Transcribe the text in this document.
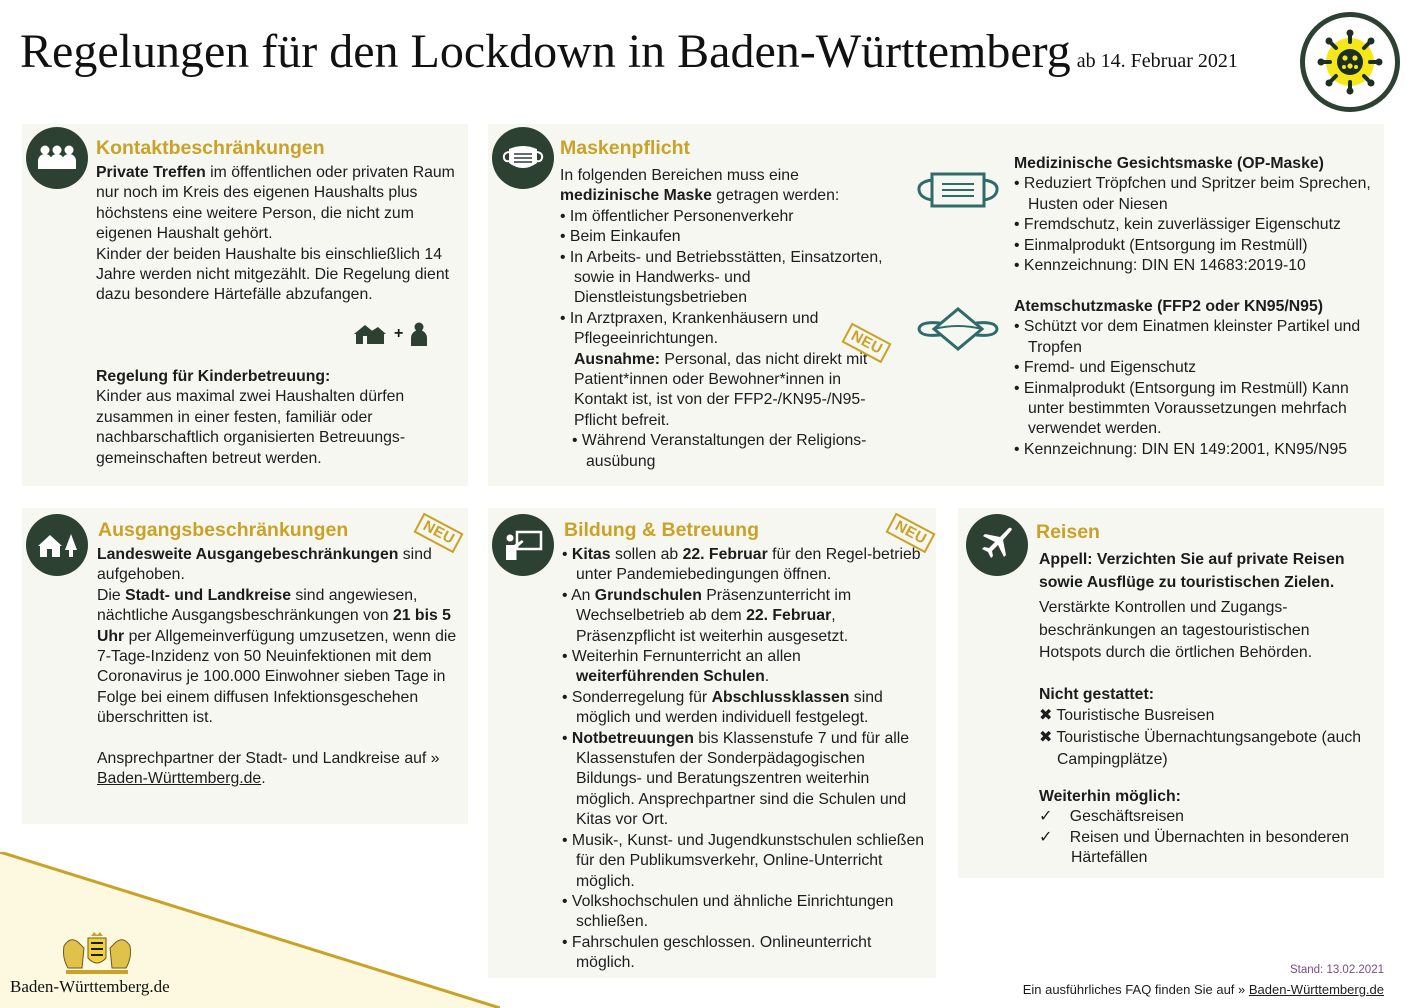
Regelungen für den Lockdown in Baden-Württemberg ab 14. Februar 2021
Kontaktbeschränkungen

Private Treffen im öffentlichen oder privaten Raum nur noch im Kreis des eigenen Haushalts plus höchstens eine weitere Person, die nicht zum eigenen Haushalt gehört.

Kinder der beiden Haushalte bis einschließlich 14 Jahre werden nicht mitgezählt. Die Regelung dient dazu besondere Härtefälle abzufangen.

+

Regelung für Kinderbetreuung:

Kinder aus maximal zwei Haushalten dürfen zusammen in einer festen, familiär oder nachbarschaftlich organisierten Betreuungs-gemeinschaften betreut werden.

Maskenpflicht

In folgenden Bereichen muss eine

medizinische Maske getragen werden:

• Im öffentlicher Personenverkehr

• Beim Einkaufen

• In Arbeits- und Betriebsstätten, Einsatzorten, sowie in Handwerks- und Dienstleistungsbetrieben

• In Arztpraxen, Krankenhäusern und Pflegeeinrichtungen.

Ausnahme: Personal, das nicht direkt mit Patient*innen oder Bewohner*innen in Kontakt ist, ist von der FFP2-/KN95-/N95-Pflicht befreit.

• Während Veranstaltungen der Religions-ausübung

NEU

Medizinische Gesichtsmaske (OP-Maske)

• Reduziert Tröpfchen und Spritzer beim Sprechen, Husten oder Niesen

• Fremdschutz, kein zuverlässiger Eigenschutz

• Einmalprodukt (Entsorgung im Restmüll)

• Kennzeichnung: DIN EN 14683:2019-10

Atemschutzmaske (FFP2 oder KN95/N95)

• Schützt vor dem Einatmen kleinster Partikel und Tropfen

• Fremd- und Eigenschutz

• Einmalprodukt (Entsorgung im Restmüll) Kann unter bestimmten Voraussetzungen mehrfach verwendet werden.

• Kennzeichnung: DIN EN 149:2001, KN95/N95

Ausgangsbeschränkungen	NEU

Landesweite Ausgangebeschränkungen sind aufgehoben.

Die Stadt- und Landkreise sind angewiesen, nächtliche Ausgangsbeschränkungen von 21 bis 5 Uhr per Allgemeinverfügung umzusetzen, wenn die 7-Tage-Inzidenz von 50 Neuinfektionen mit dem Coronavirus je 100.000 Einwohner sieben Tage in Folge bei einem diffusen Infektionsgeschehen überschritten ist.

Ansprechpartner der Stadt- und Landkreise auf » Baden-Württemberg.de.

Bildung & Betreuung	NEU

• Kitas sollen ab 22. Februar für den Regel-betrieb unter Pandemiebedingungen öffnen.

• An Grundschulen Präsenzunterricht im Wechselbetrieb ab dem 22. Februar, Präsenzpflicht ist weiterhin ausgesetzt.

• Weiterhin Fernunterricht an allen weiterführenden Schulen.

• Sonderregelung für Abschlussklassen sind möglich und werden individuell festgelegt.

• Notbetreuungen bis Klassenstufe 7 und für alle Klassenstufen der Sonderpädagogischen Bildungs- und Beratungszentren weiterhin möglich. Ansprechpartner sind die Schulen und Kitas vor Ort.

• Musik-, Kunst- und Jugendkunstschulen schließen für den Publikumsverkehr, Online-Unterricht möglich.

• Volkshochschulen und ähnliche Einrichtungen schließen.

• Fahrschulen geschlossen. Onlineunterricht möglich.

Reisen

Appell: Verzichten Sie auf private Reisen sowie Ausflüge zu touristischen Zielen.

Verstärkte Kontrollen und Zugangs-beschränkungen an tagestouristischen Hotspots durch die örtlichen Behörden.

Nicht gestattet:

✖ Touristische Busreisen

✖ Touristische Übernachtungsangebote (auch Campingplätze)

Weiterhin möglich:

✓    Geschäftsreisen

✓    Reisen und Übernachten in besonderen Härtefällen

Baden-Württemberg.de
Stand: 13.02.2021
Ein ausführliches FAQ finden Sie auf » Baden-Württemberg.de
